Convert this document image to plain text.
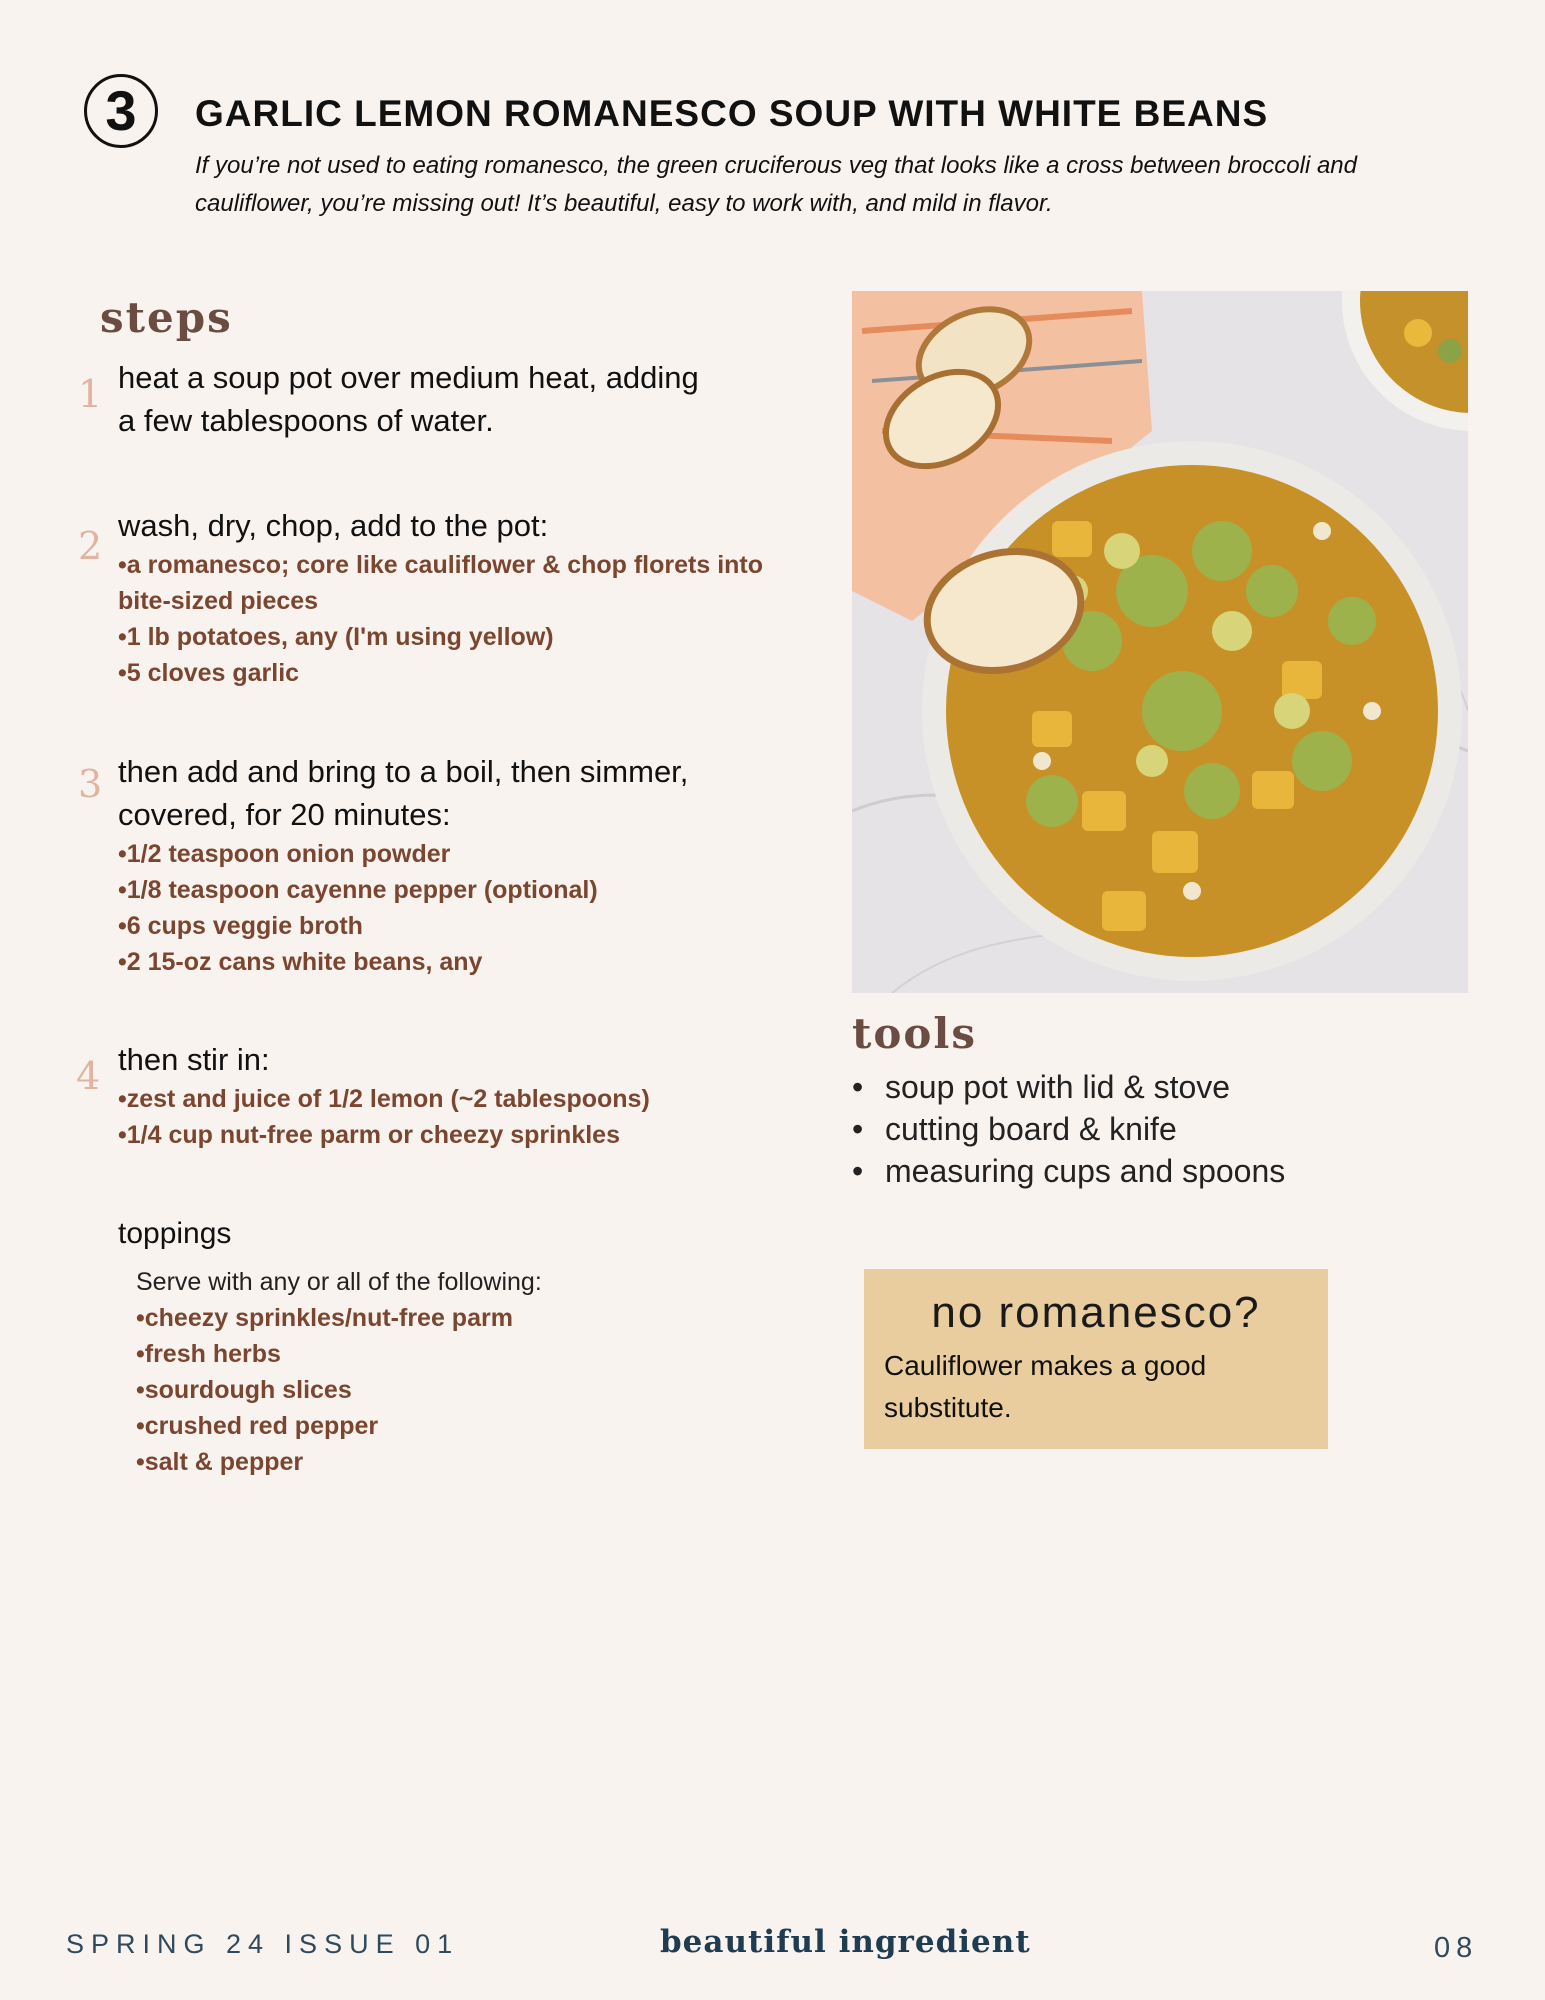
3 GARLIC LEMON ROMANESCO SOUP WITH WHITE BEANS

If you’re not used to eating romanesco, the green cruciferous veg that looks like a cross between broccoli and cauliflower, you’re missing out! It’s beautiful, easy to work with, and mild in flavor.

steps
1 heat a soup pot over medium heat, adding

a few tablespoons of water.

2 wash, dry, chop, add to the pot:

•a romanesco; core like cauliflower & chop florets into
bite-sized pieces
•1 lb potatoes, any (I'm using yellow)
•5 cloves garlic
3 then add and bring to a boil, then simmer,

covered, for 20 minutes:

•1/2 teaspoon onion powder
•1/8 teaspoon cayenne pepper (optional)
•6 cups veggie broth
•2 15-oz cans white beans, any
4 then stir in:

•zest and juice of 1/2 lemon (~2 tablespoons)
•1/4 cup nut-free parm or cheezy sprinkles

toppings

Serve with any or all of the following:
•cheezy sprinkles/nut-free parm
•fresh herbs
•sourdough slices
•crushed red pepper
•salt & pepper
tools
• soup pot with lid & stove
• cutting board & knife
• measuring cups and spoons

no romanesco?

Cauliflower makes a good substitute.

SPRING 24 ISSUE 01	beautiful ingredient	08
